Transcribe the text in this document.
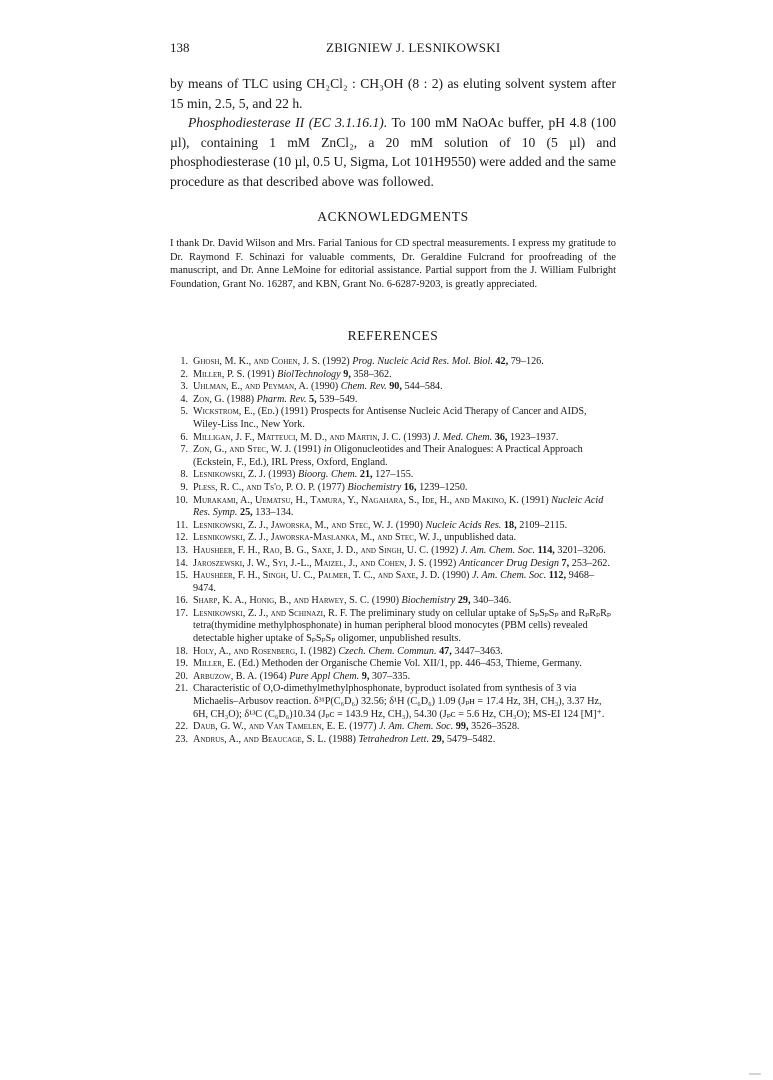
138	ZBIGNIEW J. LESNIKOWSKI

by means of TLC using CH₂Cl₂ : CH₃OH (8 : 2) as eluting solvent system after 15 min, 2.5, 5, and 22 h.

Phosphodiesterase II (EC 3.1.16.1). To 100 mM NaOAc buffer, pH 4.8 (100 µl), containing 1 mM ZnCl₂, a 20 mM solution of 10 (5 µl) and phosphodiesterase (10 µl, 0.5 U, Sigma, Lot 101H9550) were added and the same procedure as that described above was followed.

ACKNOWLEDGMENTS
I thank Dr. David Wilson and Mrs. Farial Tanious for CD spectral measurements. I express my gratitude to Dr. Raymond F. Schinazi for valuable comments, Dr. Geraldine Fulcrand for proofreading of the manuscript, and Dr. Anne LeMoine for editorial assistance. Partial support from the J. William Fulbright Foundation, Grant No. 16287, and KBN, Grant No. 6-6287-9203, is greatly appreciated.
REFERENCES
1. Ghosh, M. K., and Cohen, J. S. (1992) Prog. Nucleic Acid Res. Mol. Biol. 42, 79–126.
2. Miller, P. S. (1991) BiolTechnology 9, 358–362.
3. Uhlman, E., and Peyman, A. (1990) Chem. Rev. 90, 544–584.
4. Zon, G. (1988) Pharm. Rev. 5, 539–549.
5. Wickstrom, E., (Ed.) (1991) Prospects for Antisense Nucleic Acid Therapy of Cancer and AIDS, Wiley-Liss Inc., New York.
6. Milligan, J. F., Matteuci, M. D., and Martin, J. C. (1993) J. Med. Chem. 36, 1923–1937.
7. Zon, G., and Stec, W. J. (1991) in Oligonucleotides and Their Analogues: A Practical Approach (Eckstein, F., Ed.), IRL Press, Oxford, England.
8. Lesnikowski, Z. J. (1993) Bioorg. Chem. 21, 127–155.
9. Pless, R. C., and Ts'o, P. O. P. (1977) Biochemistry 16, 1239–1250.
10. Murakami, A., Uematsu, H., Tamura, Y., Nagahara, S., Ide, H., and Makino, K. (1991) Nucleic Acid Res. Symp. 25, 133–134.
11. Lesnikowski, Z. J., Jaworska, M., and Stec, W. J. (1990) Nucleic Acids Res. 18, 2109–2115.
12. Lesnikowski, Z. J., Jaworska-Maslanka, M., and Stec, W. J., unpublished data.
13. Hausheer, F. H., Rao, B. G., Saxe, J. D., and Singh, U. C. (1992) J. Am. Chem. Soc. 114, 3201–3206.
14. Jaroszewski, J. W., Syi, J.-L., Maizel, J., and Cohen, J. S. (1992) Anticancer Drug Design 7, 253–262.
15. Hausheer, F. H., Singh, U. C., Palmer, T. C., and Saxe, J. D. (1990) J. Am. Chem. Soc. 112, 9468–9474.
16. Sharp, K. A., Honig, B., and Harwey, S. C. (1990) Biochemistry 29, 340–346.
17. Lesnikowski, Z. J., and Schinazi, R. F. The preliminary study on cellular uptake of SₚSₚSₚ and RₚRₚRₚ tetra(thymidine methylphosphonate) in human peripheral blood monocytes (PBM cells) revealed detectable higher uptake of SₚSₚSₚ oligomer, unpublished results.
18. Holy, A., and Rosenberg, I. (1982) Czech. Chem. Commun. 47, 3447–3463.
19. Miller, E. (Ed.) Methoden der Organische Chemie Vol. XII/1, pp. 446–453, Thieme, Germany.
20. Arbuzow, B. A. (1964) Pure Appl Chem. 9, 307–335.
21. Characteristic of O,O-dimethylmethylphosphonate, byproduct isolated from synthesis of 3 via Michaelis–Arbusov reaction. δ³¹P(C₆D₆) 32.56; δ¹H (C₆D₆) 1.09 (Jₚʜ = 17.4 Hz, 3H, CH₃), 3.37 Hz, 6H, CH₃O); δ¹³C (C₆D₆)10.34 (Jₚᴄ = 143.9 Hz, CH₃), 54.30 (Jₚᴄ = 5.6 Hz, CH₃O); MS-EI 124 [M]⁺.
22. Daub, G. W., and Van Tamelen, E. E. (1977) J. Am. Chem. Soc. 99, 3526–3528.
23. Andrus, A., and Beaucage, S. L. (1988) Tetrahedron Lett. 29, 5479–5482.
